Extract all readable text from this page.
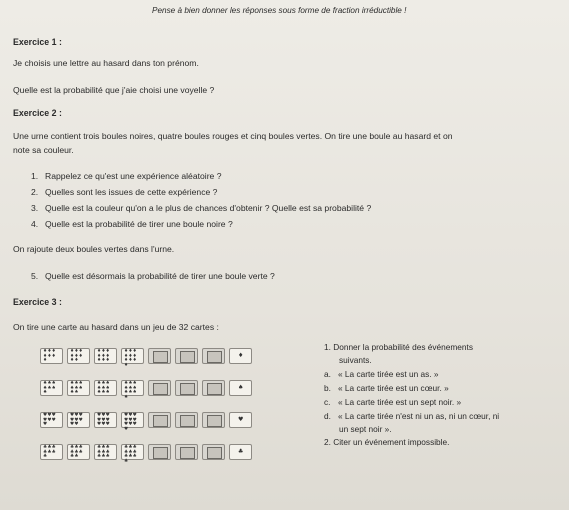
Pense à bien donner les réponses sous forme de fraction irréductible !
Exercice 1 :
Je choisis une lettre au hasard dans ton prénom.
Quelle est la probabilité que j'aie choisi une voyelle ?
Exercice 2 :
Une urne contient trois boules noires, quatre boules rouges et cinq boules vertes. On tire une boule au hasard et on
note sa couleur.
1. Rappelez ce qu'est une expérience aléatoire ?
2. Quelles sont les issues de cette expérience ?
3. Quelle est la couleur qu'on a le plus de chances d'obtenir ? Quelle est sa probabilité ?
4. Quelle est la probabilité de tirer une boule noire ?
On rajoute deux boules vertes dans l'urne.
5. Quelle est désormais la probabilité de tirer une boule verte ?
Exercice 3 :
On tire une carte au hasard dans un jeu de 32 cartes :
♦♦♦♦♦♦♦
♦♦♦♦♦♦♦♦
♦♦♦♦♦♦♦♦♦
♦♦♦♦♦♦♦♦♦♦
♦
♠♠♠♠♠♠♠
♠♠♠♠♠♠♠♠
♠♠♠♠♠♠♠♠♠
♠♠♠♠♠♠♠♠♠♠
♠
♥♥♥♥♥♥♥
♥♥♥♥♥♥♥♥
♥♥♥♥♥♥♥♥♥
♥♥♥♥♥♥♥♥♥♥
♥
♣♣♣♣♣♣♣
♣♣♣♣♣♣♣♣
♣♣♣♣♣♣♣♣♣
♣♣♣♣♣♣♣♣♣♣
♣
1. Donner la probabilité des événements
suivants.
a. « La carte tirée est un as. »
b. « La carte tirée est un cœur. »
c. « La carte tirée est un sept noir. »
d. « La carte tirée n'est ni un as, ni un cœur, ni
un sept noir ».
2. Citer un événement impossible.
